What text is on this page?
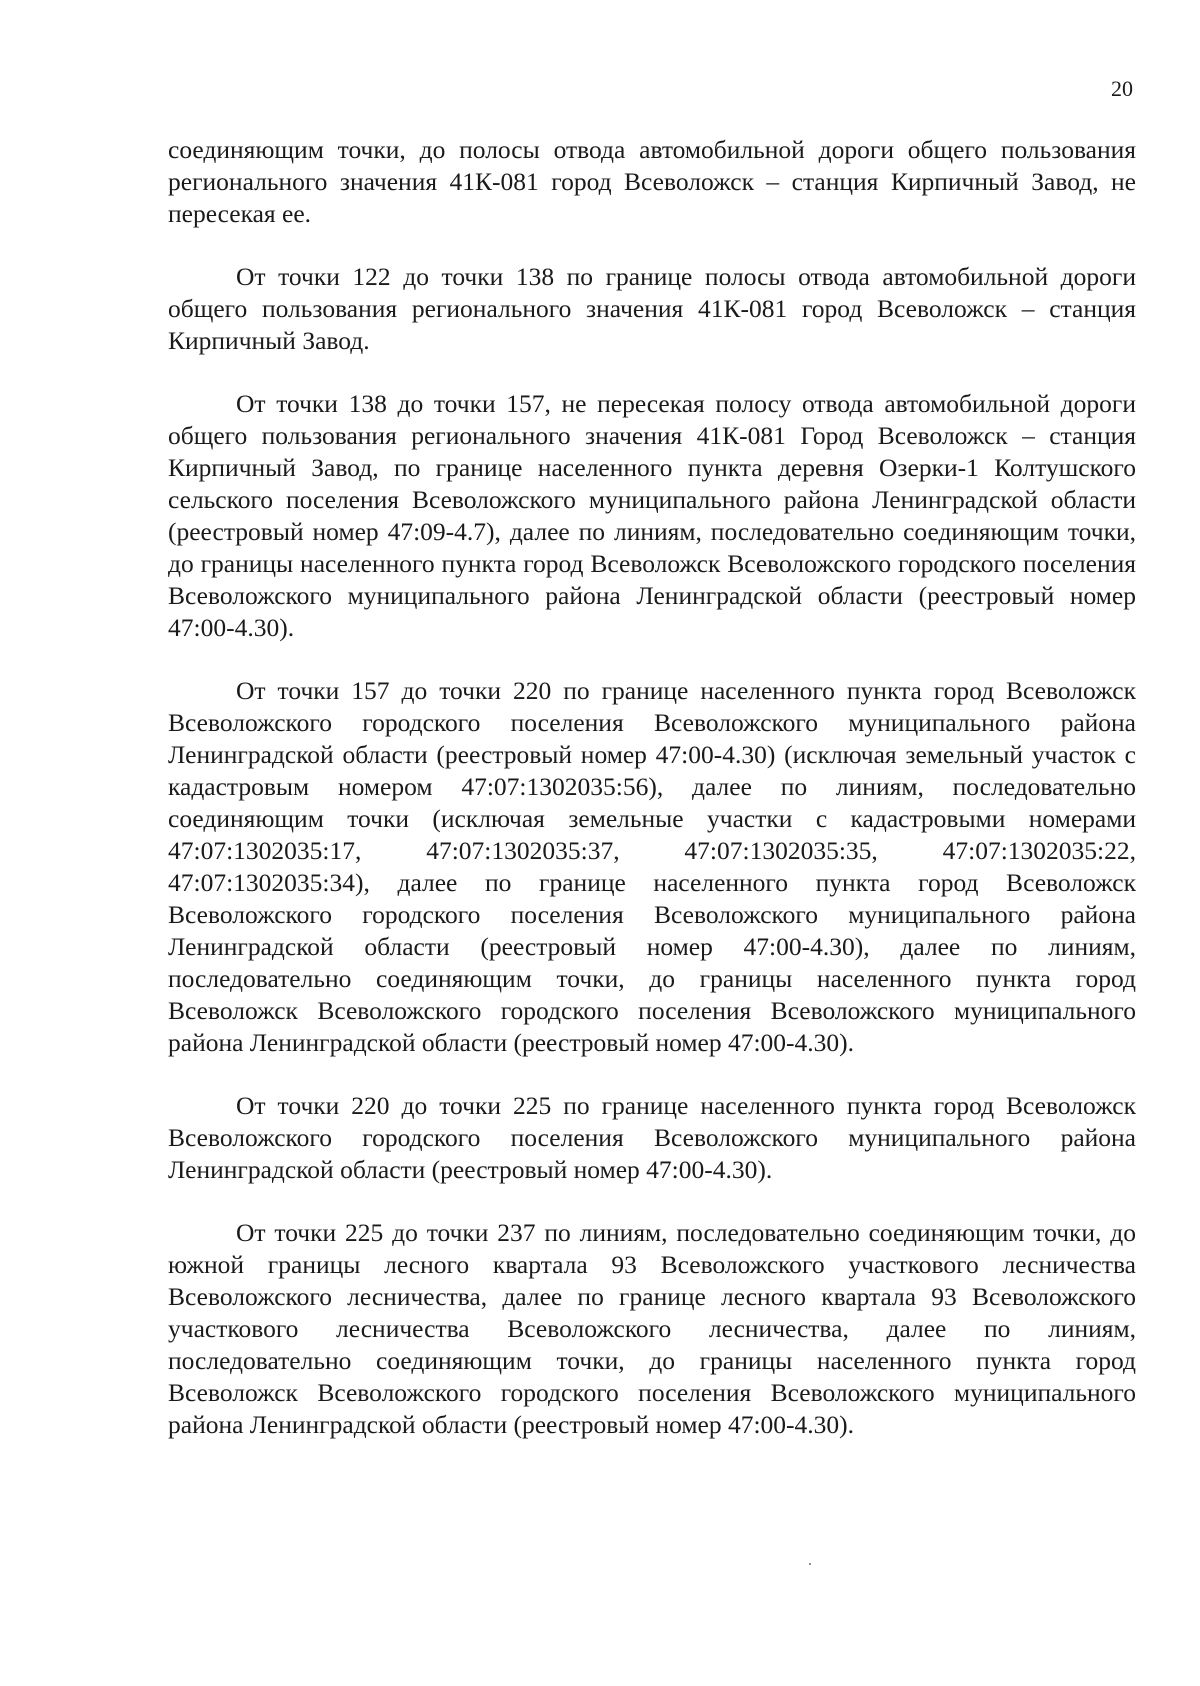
20

соединяющим точки, до полосы отвода автомобильной дороги общего пользования регионального значения 41К-081 город Всеволожск – станция Кирпичный Завод, не пересекая ее.

От точки 122 до точки 138 по границе полосы отвода автомобильной дороги общего пользования регионального значения 41К-081 город Всеволожск – станция Кирпичный Завод.

От точки 138 до точки 157, не пересекая полосу отвода автомобильной дороги общего пользования регионального значения 41К-081 Город Всеволожск – станция Кирпичный Завод, по границе населенного пункта деревня Озерки-1 Колтушского сельского поселения Всеволожского муниципального района Ленинградской области (реестровый номер 47:09-4.7), далее по линиям, последовательно соединяющим точки, до границы населенного пункта город Всеволожск Всеволожского городского поселения Всеволожского муниципального района Ленинградской области (реестровый номер 47:00-4.30).

От точки 157 до точки 220 по границе населенного пункта город Всеволожск Всеволожского городского поселения Всеволожского муниципального района Ленинградской области (реестровый номер 47:00-4.30) (исключая земельный участок с кадастровым номером 47:07:1302035:56), далее по линиям, последовательно соединяющим точки (исключая земельные участки с кадастровыми номерами 47:07:1302035:17, 47:07:1302035:37, 47:07:1302035:35, 47:07:1302035:22, 47:07:1302035:34), далее по границе населенного пункта город Всеволожск Всеволожского городского поселения Всеволожского муниципального района Ленинградской области (реестровый номер 47:00-4.30), далее по линиям, последовательно соединяющим точки, до границы населенного пункта город Всеволожск Всеволожского городского поселения Всеволожского муниципального района Ленинградской области (реестровый номер 47:00-4.30).

От точки 220 до точки 225 по границе населенного пункта город Всеволожск Всеволожского городского поселения Всеволожского муниципального района Ленинградской области (реестровый номер 47:00-4.30).

От точки 225 до точки 237 по линиям, последовательно соединяющим точки, до южной границы лесного квартала 93 Всеволожского участкового лесничества Всеволожского лесничества, далее по границе лесного квартала 93 Всеволожского участкового лесничества Всеволожского лесничества, далее по линиям, последовательно соединяющим точки, до границы населенного пункта город Всеволожск Всеволожского городского поселения Всеволожского муниципального района Ленинградской области (реестровый номер 47:00-4.30).
